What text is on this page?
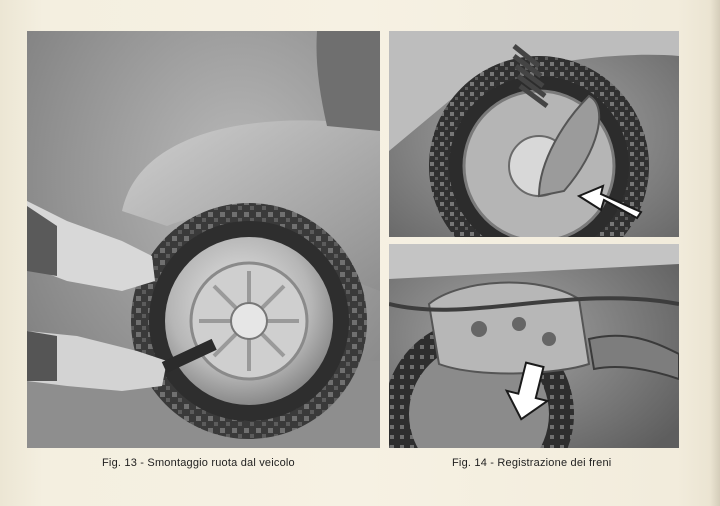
Fig. 13 - Smontaggio ruota dal veicolo	Fig. 14 - Registrazione dei freni
